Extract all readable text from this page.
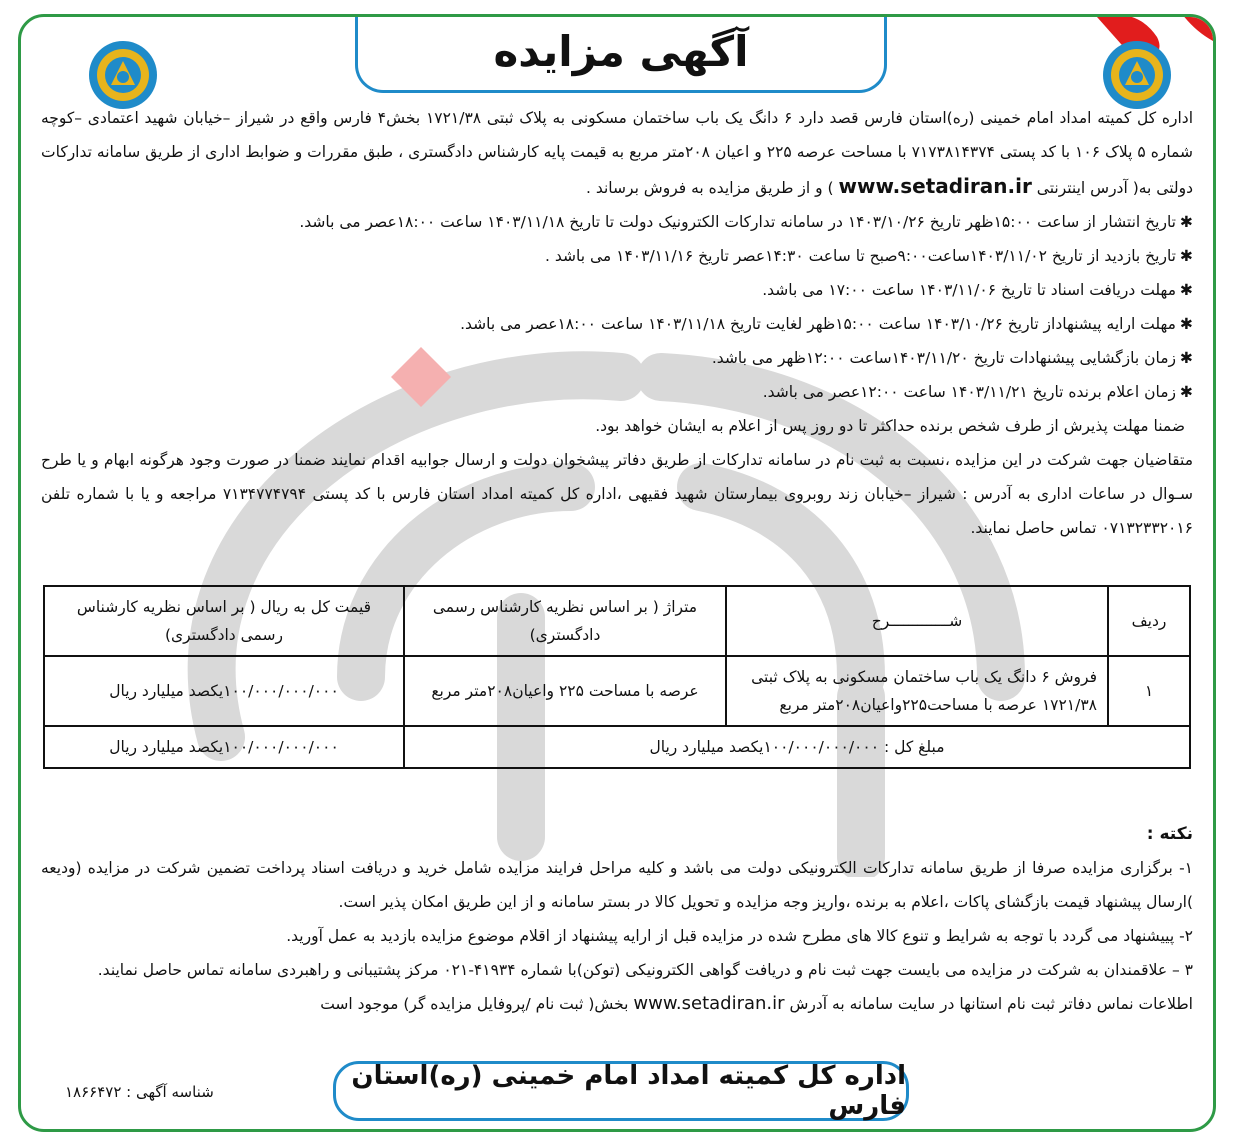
آگهی مزایده

اداره کل کمیته امداد امام خمینی (ره)استان فارس قصد دارد ۶ دانگ یک باب ساختمان مسکونی به پلاک ثبتی ۱۷۲۱/۳۸ بخش۴ فارس واقع در شیراز –خیابان شهید اعتمادی –کوچه شماره ۵ پلاک ۱۰۶ با کد پستی ۷۱۷۳۸۱۴۳۷۴ با مساحت عرصه ۲۲۵ و اعیان ۲۰۸متر مربع به قیمت پایه کارشناس دادگستری ، طبق مقررات و ضوابط اداری از طریق سامانه تدارکات دولتی به( آدرس اینترنتی www.setadiran.ir ) و از طریق مزایده به فروش برساند .

✱تاریخ انتشار از ساعت ۱۵:۰۰ظهر تاریخ ۱۴۰۳/۱۰/۲۶ در سامانه تدارکات الکترونیک دولت تا تاریخ ۱۴۰۳/۱۱/۱۸ ساعت ۱۸:۰۰عصر می باشد.
✱تاریخ بازدید از تاریخ ۱۴۰۳/۱۱/۰۲ساعت۹:۰۰صبح تا ساعت ۱۴:۳۰عصر تاریخ ۱۴۰۳/۱۱/۱۶ می باشد .
✱مهلت دریافت اسناد تا تاریخ ۱۴۰۳/۱۱/۰۶ ساعت ۱۷:۰۰ می باشد.
✱مهلت ارایه پیشنهاداز تاریخ ۱۴۰۳/۱۰/۲۶ ساعت ۱۵:۰۰ظهر لغایت تاریخ ۱۴۰۳/۱۱/۱۸ ساعت ۱۸:۰۰عصر می باشد.
✱زمان بازگشایی پیشنهادات تاریخ ۱۴۰۳/۱۱/۲۰ساعت ۱۲:۰۰ظهر می باشد.
✱زمان اعلام برنده تاریخ ۱۴۰۳/۱۱/۲۱ ساعت ۱۲:۰۰عصر می باشد.

ضمنا مهلت پذیرش از طرف شخص برنده حداکثر تا دو روز پس از اعلام به ایشان خواهد بود.

متقاضیان جهت شرکت در این مزایده ،نسبت به ثبت نام در سامانه تدارکات از طریق دفاتر پیشخوان دولت و ارسال جوابیه اقدام نمایند ضمنا در صورت وجود هرگونه ابهام و یا طرح سـوال در ساعات اداری به آدرس : شیراز –خیابان زند روبروی بیمارستان شهید فقیهی ،اداره کل کمیته امداد استان فارس با کد پستی ۷۱۳۴۷۷۴۷۹۴ مراجعه و یا با شماره تلفن ۰۷۱۳۲۳۳۲۰۱۶ تماس حاصل نمایند.

ردیف	شـــــــــــــرح	متراژ ( بر اساس نظریه کارشناس رسمی دادگستری)	قیمت کل به ریال ( بر اساس نظریه کارشناس رسمی دادگستری)
۱	فروش ۶ دانگ یک باب ساختمان مسکونی به پلاک ثبتی ۱۷۲۱/۳۸ عرصه با مساحت۲۲۵واعیان۲۰۸متر مربع	عرصه با مساحت ۲۲۵ واعیان۲۰۸متر مربع	۱۰۰/۰۰۰/۰۰۰/۰۰۰یکصد میلیارد ریال
مبلغ کل : ۱۰۰/۰۰۰/۰۰۰/۰۰۰یکصد میلیارد ریال			۱۰۰/۰۰۰/۰۰۰/۰۰۰یکصد میلیارد ریال
نکته :

۱- برگزاری مزایده صرفا از طریق سامانه تدارکات الکترونیکی دولت می باشد و کلیه مراحل فرایند مزایده شامل خرید و دریافت اسناد پرداخت تضمین شرکت در مزایده (ودیعه )ارسال پیشنهاد قیمت بازگشای پاکات ،اعلام به برنده ،واریز وجه مزایده و تحویل کالا در بستر سامانه و از این طریق امکان پذیر است.

۲- پییشنهاد می گردد با توجه به شرایط و تنوع کالا های مطرح شده در مزایده قبل از ارایه پیشنهاد از اقلام موضوع مزایده بازدید به عمل آورید.

۳ – علاقمندان به شرکت در مزایده می بایست جهت ثبت نام و دریافت گواهی الکترونیکی (توکن)با شماره ۴۱۹۳۴-۰۲۱ مرکز پشتیبانی و راهبردی سامانه تماس حاصل نمایند.

اطلاعات نماس دفاتر ثبت نام استانها در سایت سامانه به آدرش www.setadiran.ir بخش( ثبت نام /پروفایل مزایده گر) موجود است

اداره کل کمیته امداد امام خمینی (ره)استان فارس
شناسه آگهی : ۱۸۶۶۴۷۲
